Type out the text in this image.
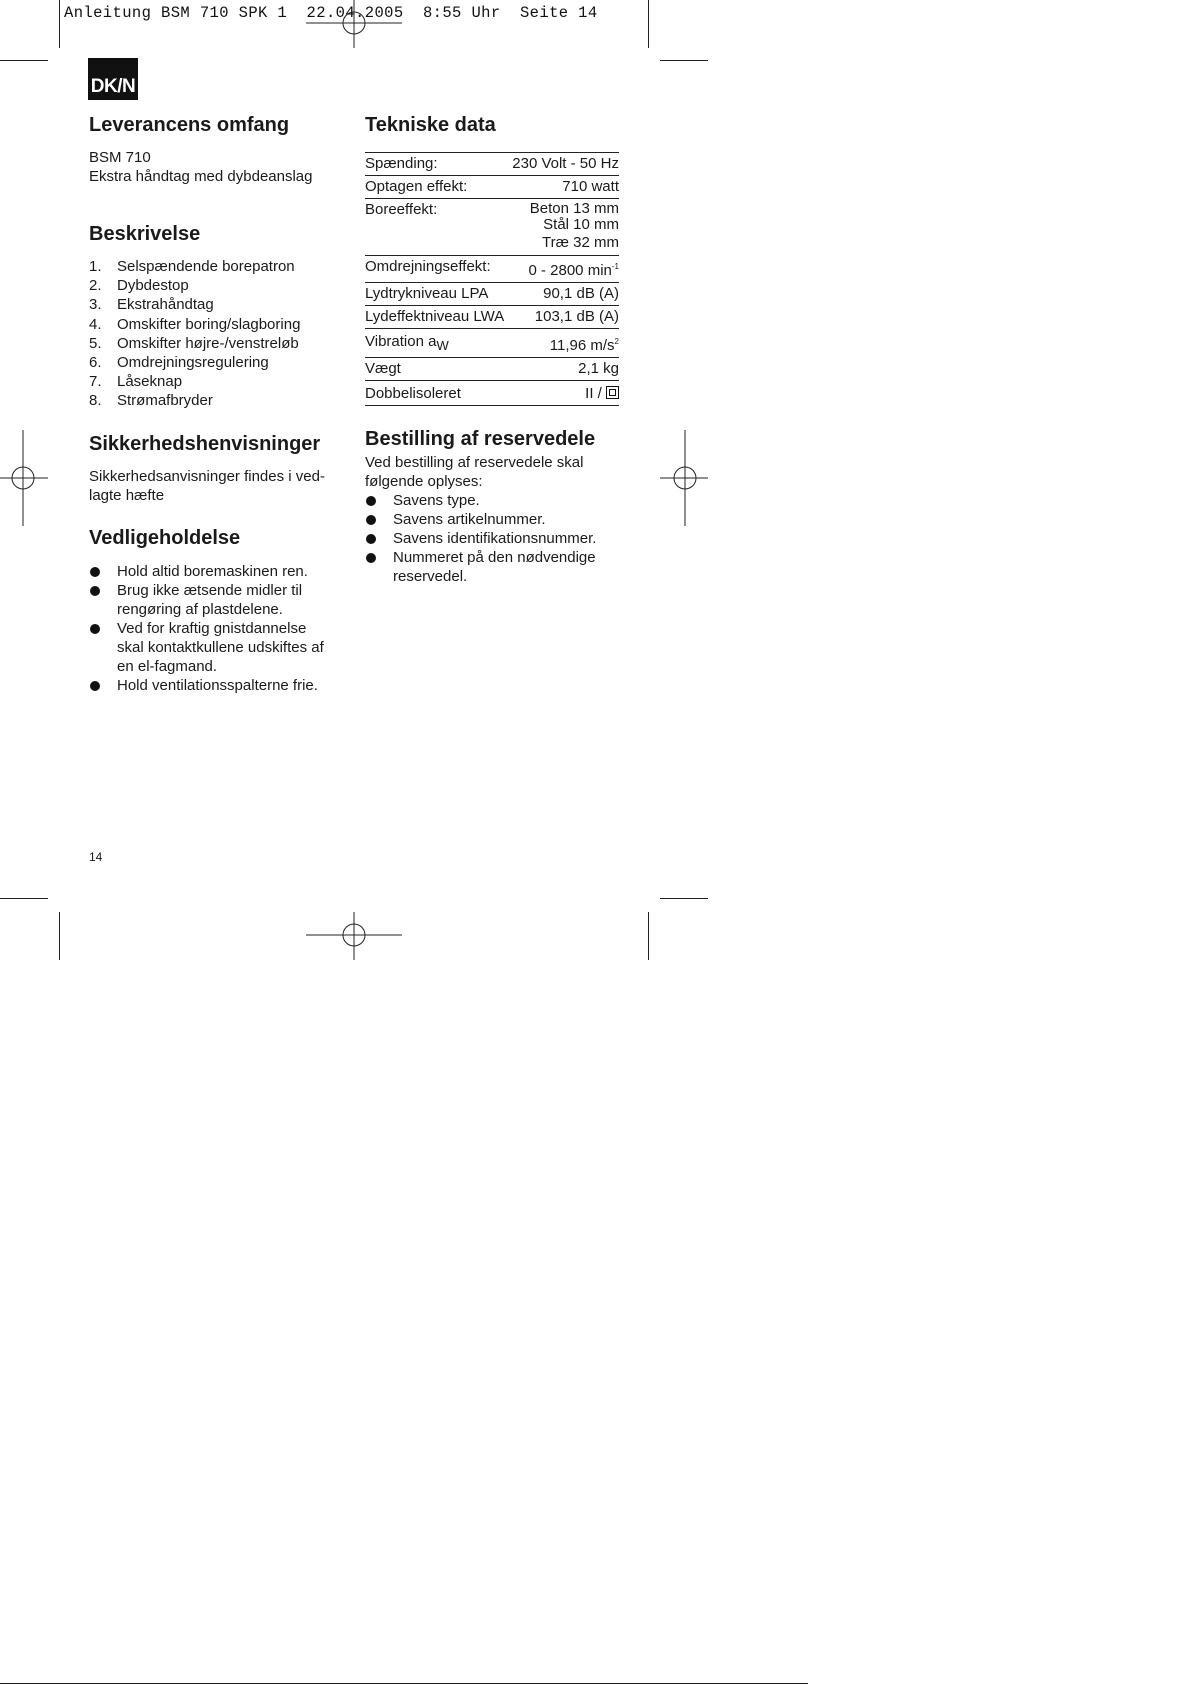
Anleitung BSM 710 SPK 1  22.04.2005  8:55 Uhr  Seite 14
DK/N
Leverancens omfang

BSM 710

Ekstra håndtag med dybdeanslag

Beskrivelse
1.	Selspændende borepatron
2.	Dybdestop
3.	Ekstrahåndtag
4.	Omskifter boring/slagboring
5.	Omskifter højre-/venstreløb
6.	Omdrejningsregulering
7.	Låseknap
8.	Strømafbryder
Sikkerhedshenvisninger

Sikkerhedsanvisninger findes i ved-

lagte hæfte

Vedligeholdelse
Hold altid boremaskinen ren.
Brug ikke ætsende midler til
rengøring af plastdelene.
Ved for kraftig gnistdannelse
skal kontaktkullene udskiftes af
en el-fagmand.
Hold ventilationsspalterne frie.
Tekniske data
Spænding:	230 Volt - 50 Hz
Optagen effekt:	710 watt
Boreeffekt:	Beton 13 mm
Stål 10 mm
Træ 32 mm

Omdrejningseffekt:	0 - 2800 $\min^{-1}$
Lydtrykniveau LPA	90,1 dB (A)
Lydeffektniveau LWA	103,1 dB (A)
Vibration $a_W$	11,96 $m/s^2$
Vægt	2,1 kg
Dobbelisoleret	II /
Bestilling af reservedele

Ved bestilling af reservedele skal

følgende oplyses:

Savens type.
Savens artikelnummer.
Savens identifikationsnummer.
Nummeret på den nødvendige
reservedel.
14
